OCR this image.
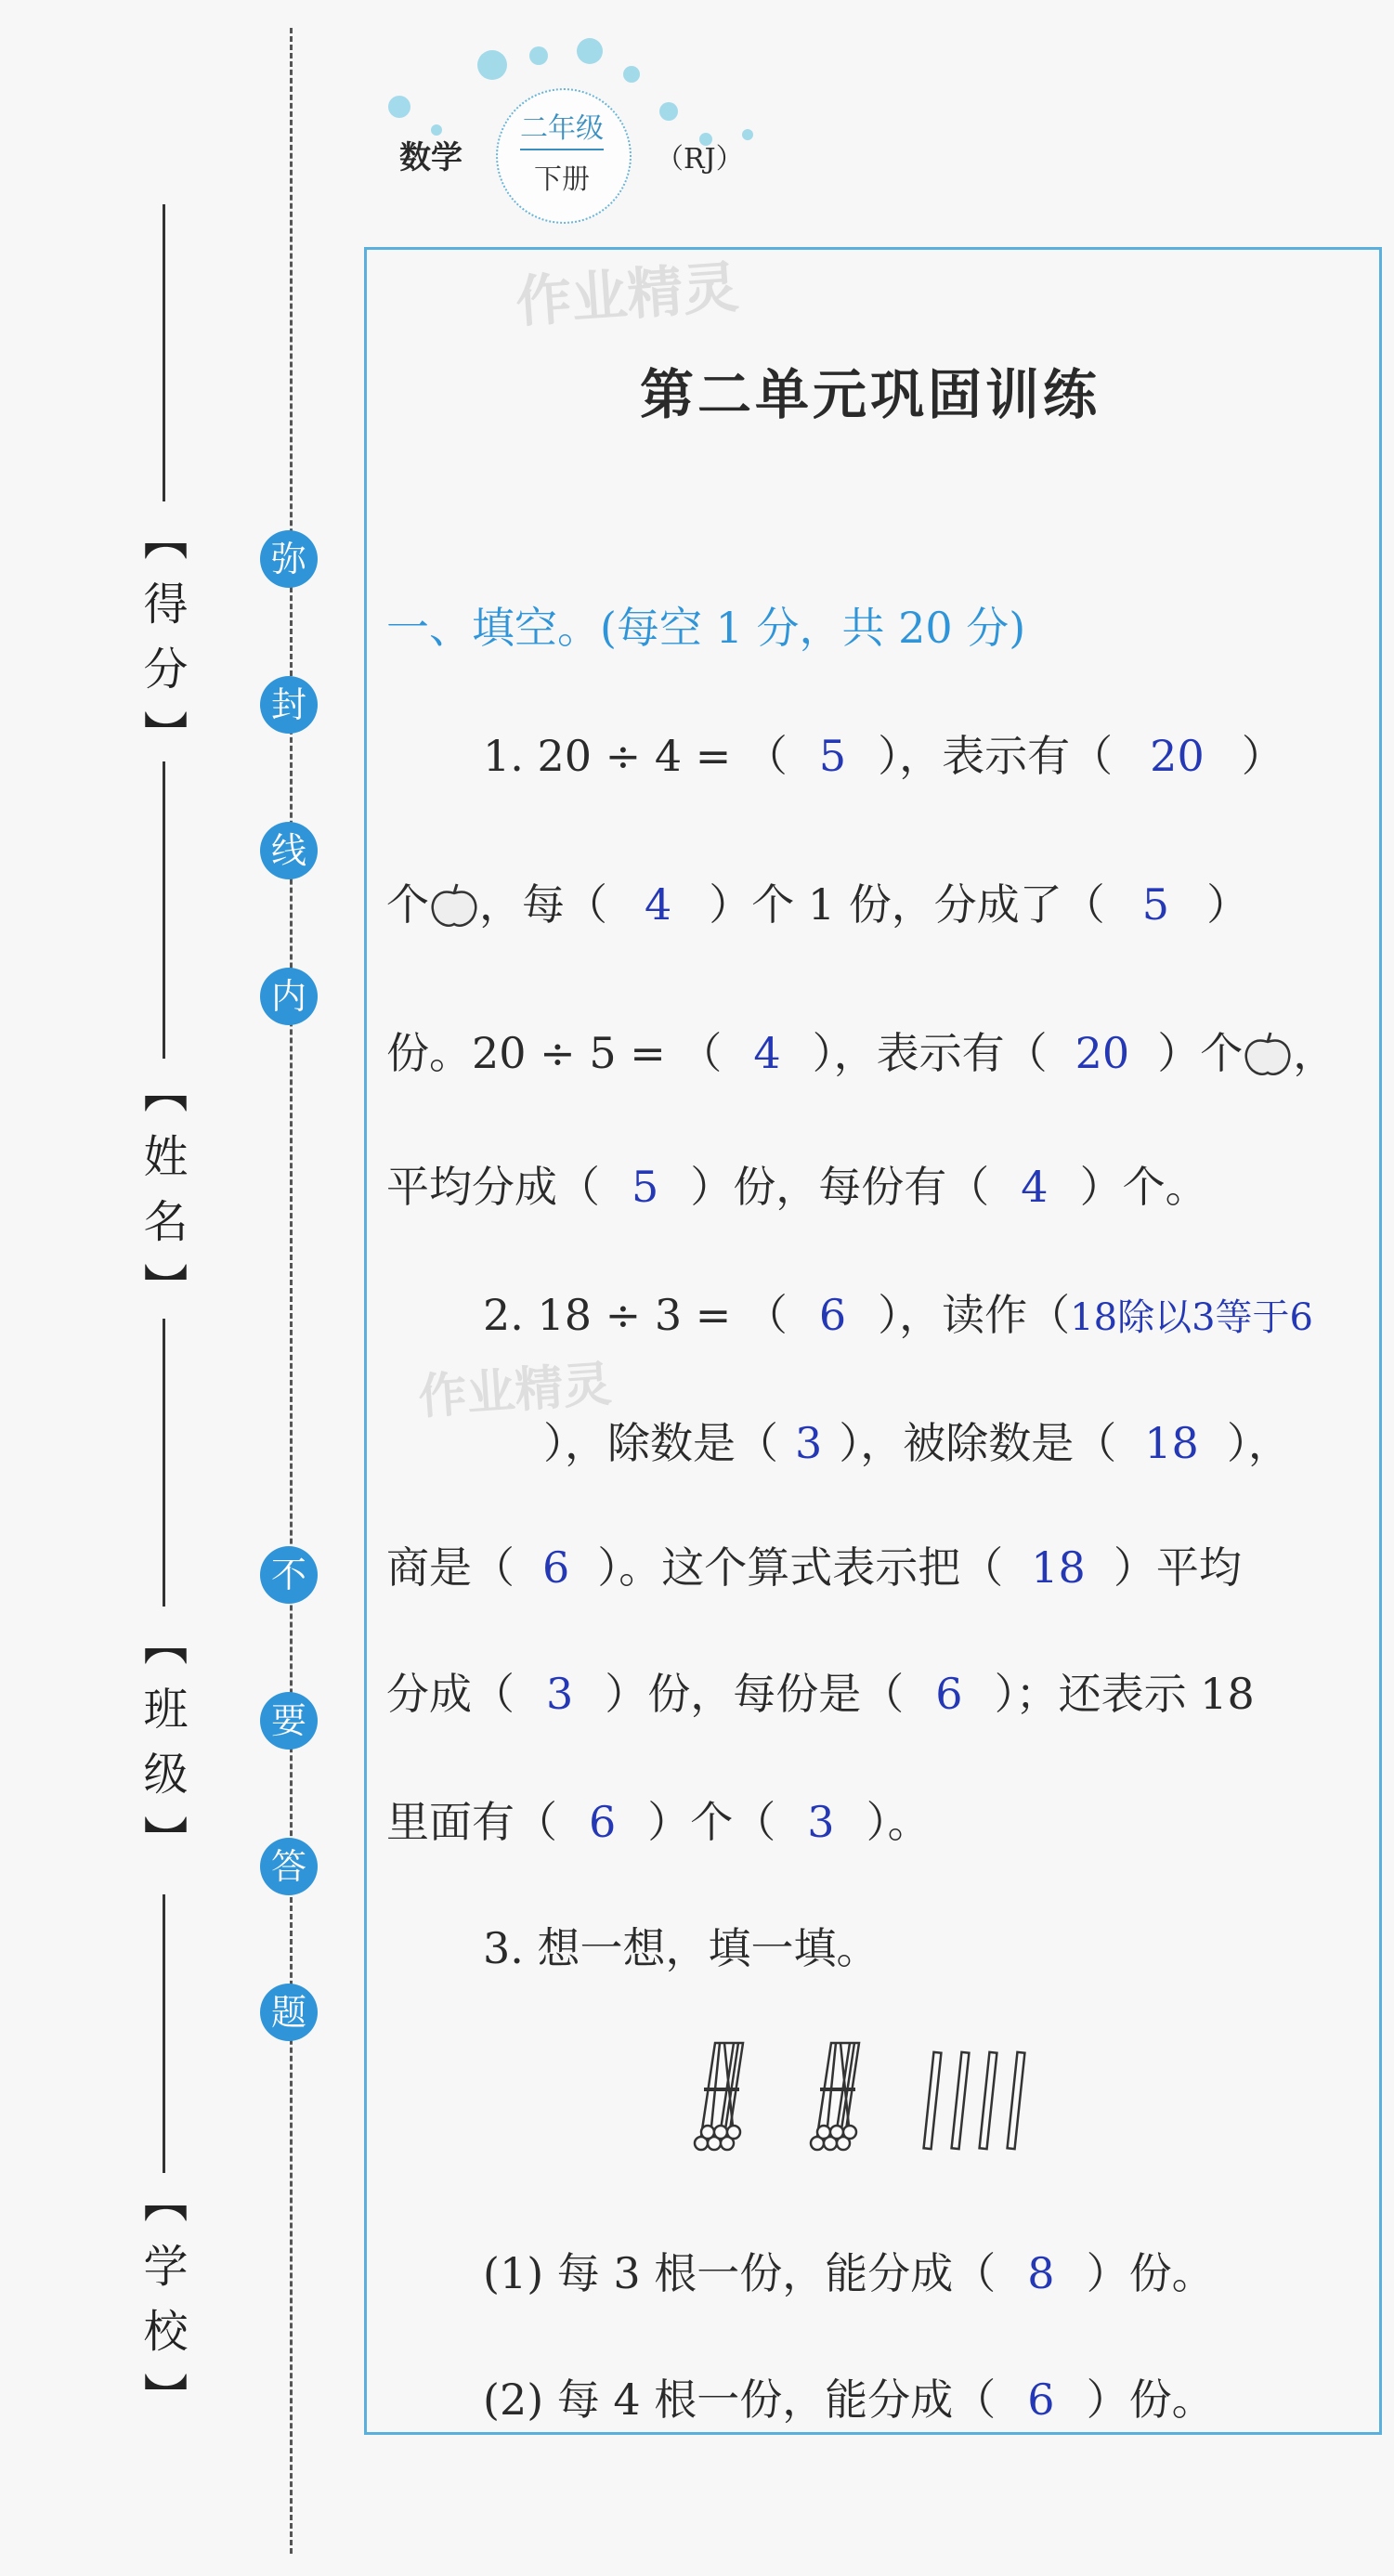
【得分】
【姓名】
【班级】
【学校】
弥
封
线
内
不
要
答
题
数学
二年级
下册
（RJ）
作业精灵
作业精灵
第二单元巩固训练
一、填空。(每空 1 分，共 20 分)
1. 20 ÷ 4 = （ 5 ），表示有（ 20 ）
个 ，每（ 4 ）个 1 份，分成了（ 5 ）
份。20 ÷ 5 = （ 4 ），表示有（ 20 ）个 ，
平均分成（ 5 ）份，每份有（ 4 ）个。
2. 18 ÷ 3 = （ 6 ），读作（18除以3等于6
），除数是（ 3 ），被除数是（ 18 ），
商是（ 6 ）。这个算式表示把（ 18 ）平均
分成（ 3 ）份，每份是（ 6 ）；还表示 18
里面有（ 6 ）个（ 3 ）。
3. 想一想，填一填。
(1) 每 3 根一份，能分成（ 8 ）份。
(2) 每 4 根一份，能分成（ 6 ）份。
